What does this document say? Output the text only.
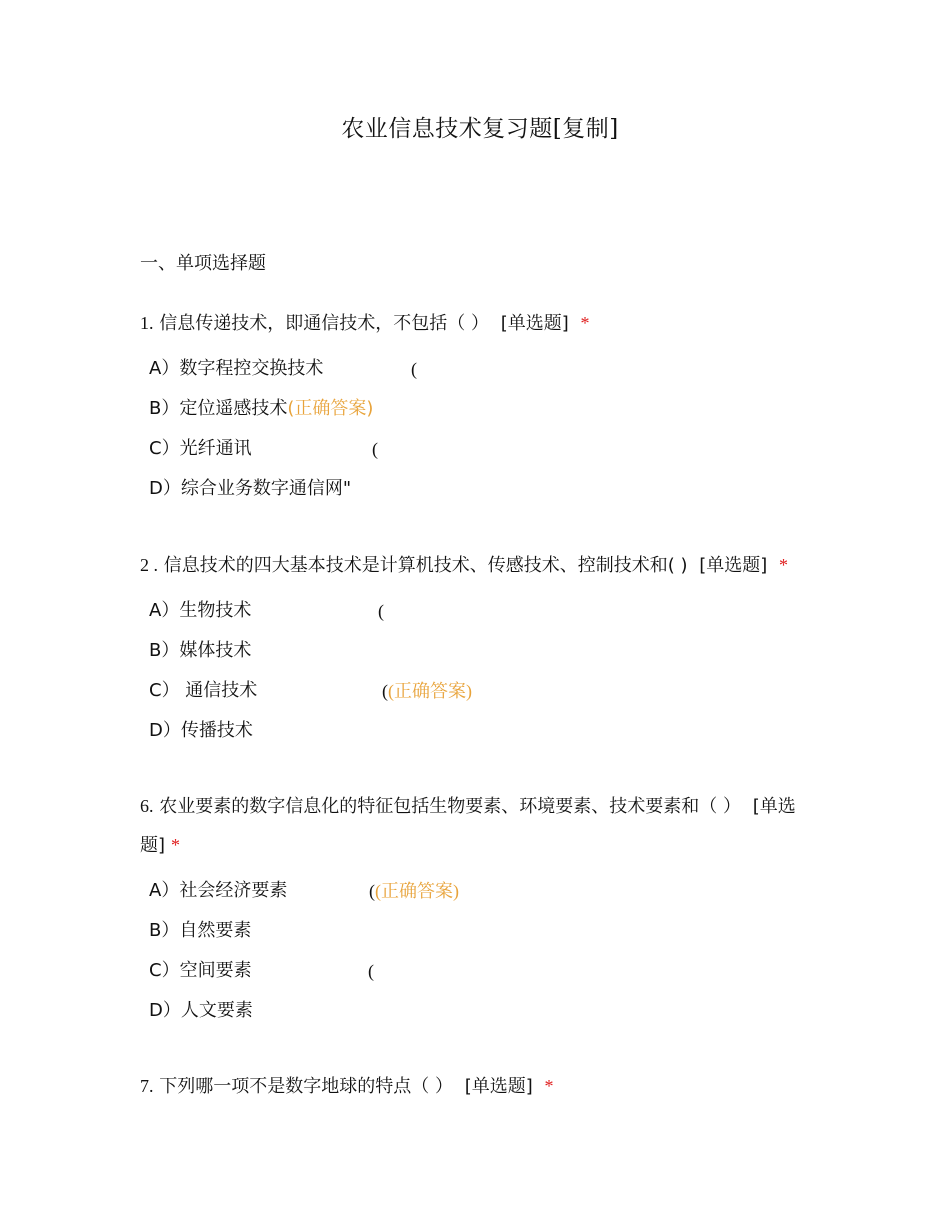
农业信息技术复习题[复制]
一、单项选择题
1. 信息传递技术，即通信技术，不包括（ ） [单选题] *
A）数字程控交换技术	(
B）定位遥感技术(正确答案)
C）光纤通讯	(
D）综合业务数字通信网"
2 . 信息技术的四大基本技术是计算机技术、传感技术、控制技术和( ) [单选题] *
A）生物技术	(
B）媒体技术
C） 通信技术	((正确答案)
D）传播技术
6. 农业要素的数字信息化的特征包括生物要素、环境要素、技术要素和（ ） [单选题] *
A）社会经济要素	((正确答案)
B）自然要素
C）空间要素	(
D）人文要素
7. 下列哪一项不是数字地球的特点（ ） [单选题] *
